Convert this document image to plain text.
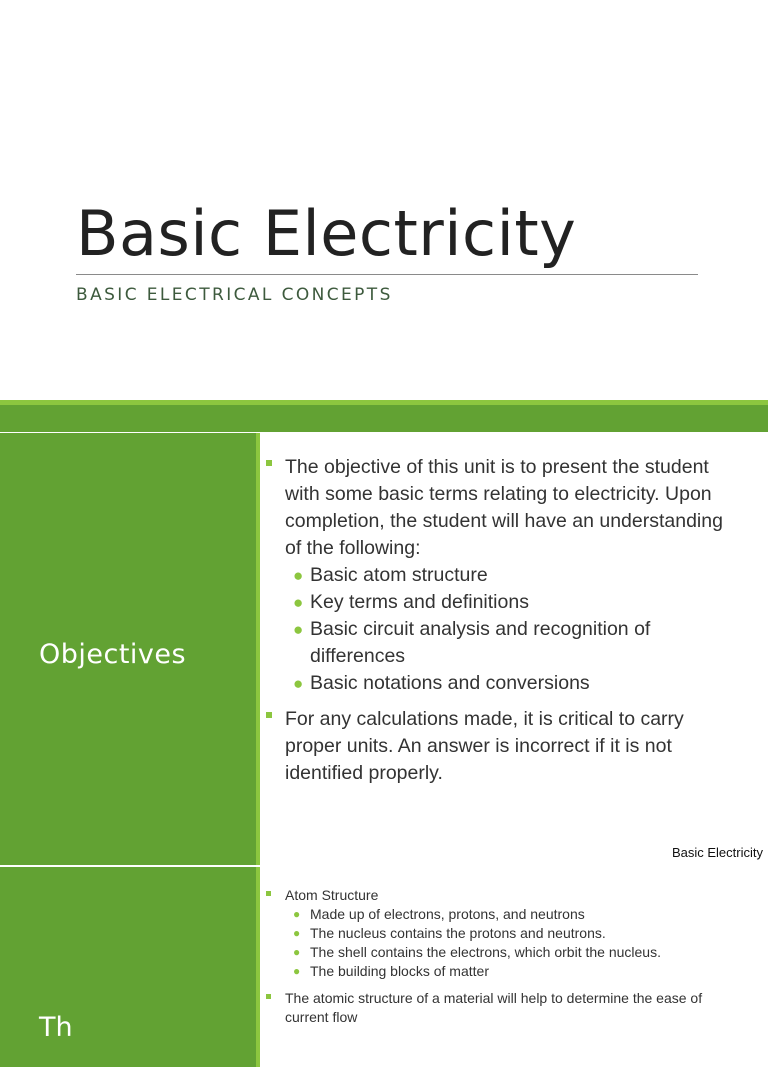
Basic Electricity
BASIC ELECTRICAL CONCEPTS
Objectives
The objective of this unit is to present the student with some basic terms relating to electricity. Upon completion, the student will have an understanding of the following:
● Basic atom structure
● Key terms and definitions
● Basic circuit analysis and recognition of differences
● Basic notations and conversions
For any calculations made, it is critical to carry proper units. An answer is incorrect if it is not identified properly.
Basic Electricity
Th
Atom Structure
● Made up of electrons, protons, and neutrons
● The nucleus contains the protons and neutrons.
● The shell contains the electrons, which orbit the nucleus.
● The building blocks of matter
The atomic structure of a material will help to determine the ease of current flow
